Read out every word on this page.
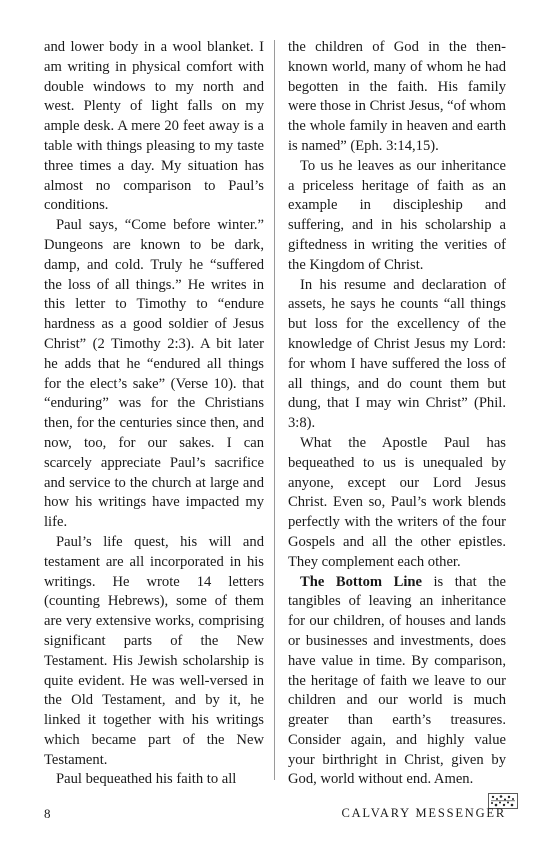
and lower body in a wool blanket. I am writing in physical comfort with double windows to my north and west. Plenty of light falls on my ample desk. A mere 20 feet away is a table with things pleasing to my taste three times a day. My situation has almost no comparison to Paul’s conditions.

Paul says, “Come before winter.” Dungeons are known to be dark, damp, and cold. Truly he “suffered the loss of all things.” He writes in this letter to Timothy to “endure hardness as a good soldier of Jesus Christ” (2 Timothy 2:3). A bit later he adds that he “endured all things for the elect’s sake” (Verse 10). that “enduring” was for the Christians then, for the centuries since then, and now, too, for our sakes. I can scarcely appreciate Paul’s sacrifice and service to the church at large and how his writings have impacted my life.

Paul’s life quest, his will and testament are all incorporated in his writings. He wrote 14 letters (counting Hebrews), some of them are very extensive works, comprising significant parts of the New Testament. His Jewish scholarship is quite evident. He was well-versed in the Old Testament, and by it, he linked it together with his writings which became part of the New Testament.

Paul bequeathed his faith to all

the children of God in the then-known world, many of whom he had begotten in the faith. His family were those in Christ Jesus, “of whom the whole family in heaven and earth is named” (Eph. 3:14,15).

To us he leaves as our inheritance a priceless heritage of faith as an example in discipleship and suffering, and in his scholarship a giftedness in writing the verities of the Kingdom of Christ.

In his resume and declaration of assets, he says he counts “all things but loss for the excellency of the knowledge of Christ Jesus my Lord: for whom I have suffered the loss of all things, and do count them but dung, that I may win Christ” (Phil. 3:8).

What the Apostle Paul has bequeathed to us is unequaled by anyone, except our Lord Jesus Christ. Even so, Paul’s work blends perfectly with the writers of the four Gospels and all the other epistles. They complement each other.

The Bottom Line is that the tangibles of leaving an inheritance for our children, of houses and lands or businesses and investments, does have value in time. By comparison, the heritage of faith we leave to our children and our world is much greater than earth’s treasures. Consider again, and highly value your birthright in Christ, given by God, world without end. Amen.

8	CALVARY MESSENGER
